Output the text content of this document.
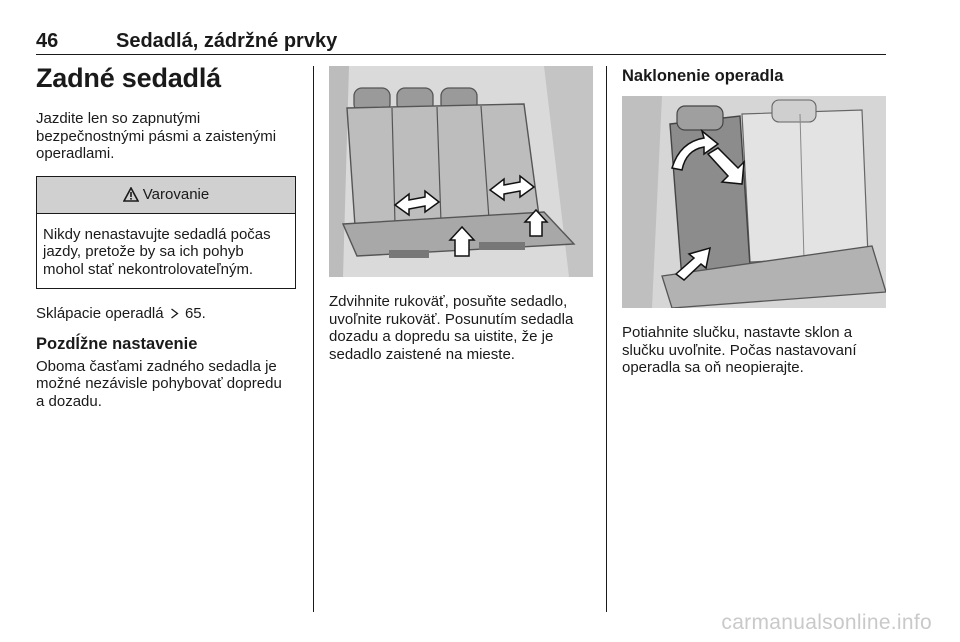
46	Sedadlá, zádržné prvky
Zadné sedadlá

Jazdite len so zapnutými

bezpečnostnými pásmi a zaistenými

operadlami.

Varovanie

Nikdy nenastavujte sedadlá počas

jazdy, pretože by sa ich pohyb

mohol stať nekontrolovateľným.

Sklápacie operadlá 65.

Pozdĺžne nastavenie

Oboma časťami zadného sedadla je

možné nezávisle pohybovať dopredu

a dozadu.

Zdvihnite rukoväť, posuňte sedadlo,

uvoľnite rukoväť. Posunutím sedadla

dozadu a dopredu sa uistite, že je

sedadlo zaistené na mieste.

Naklonenie operadla

Potiahnite slučku, nastavte sklon a

slučku uvoľnite. Počas nastavovaní

operadla sa oň neopierajte.

carmanualsonline.info
